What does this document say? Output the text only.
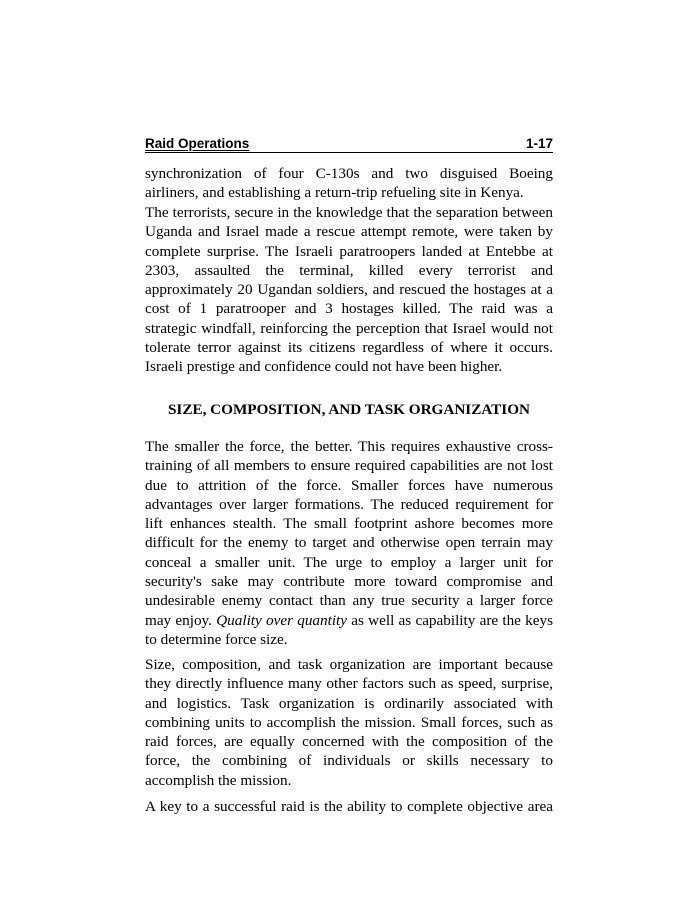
Raid Operations	1-17

synchronization of four C-130s and two disguised Boeing airliners, and establishing a return-trip refueling site in Kenya.

The terrorists, secure in the knowledge that the separation between Uganda and Israel made a rescue attempt remote, were taken by complete surprise. The Israeli paratroopers landed at Entebbe at 2303, assaulted the terminal, killed every terrorist and approximately 20 Ugandan soldiers, and rescued the hostages at a cost of 1 paratrooper and 3 hostages killed. The raid was a strategic windfall, reinforcing the perception that Israel would not tolerate terror against its citizens regardless of where it occurs. Israeli prestige and confidence could not have been higher.

SIZE, COMPOSITION, AND TASK ORGANIZATION

The smaller the force, the better. This requires exhaustive cross-training of all members to ensure required capabilities are not lost due to attrition of the force. Smaller forces have numerous advantages over larger formations. The reduced requirement for lift enhances stealth. The small footprint ashore becomes more difficult for the enemy to target and otherwise open terrain may conceal a smaller unit. The urge to employ a larger unit for security's sake may contribute more toward compromise and undesirable enemy contact than any true security a larger force may enjoy. Quality over quantity as well as capability are the keys to determine force size.

Size, composition, and task organization are important because they directly influence many other factors such as speed, surprise, and logistics. Task organization is ordinarily associated with combining units to accomplish the mission. Small forces, such as raid forces, are equally concerned with the composition of the force, the combining of individuals or skills necessary to accomplish the mission.

A key to a successful raid is the ability to complete objective area
